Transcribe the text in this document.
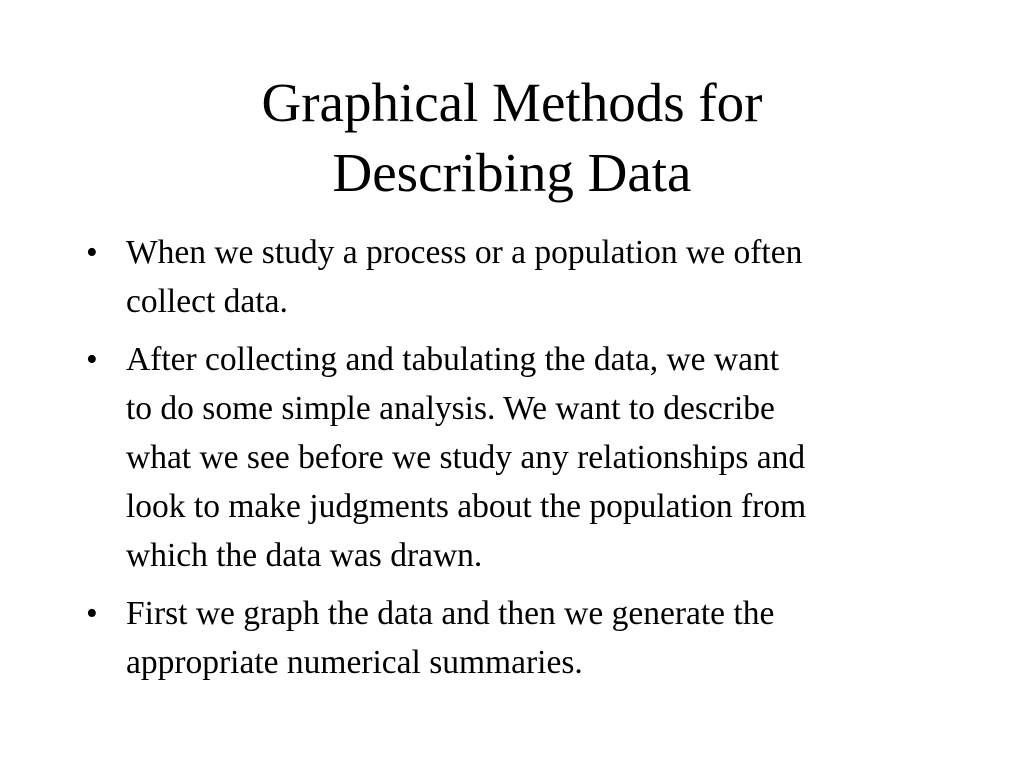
Graphical Methods for
Describing Data
• When we study a process or a population we often
collect data.
• After collecting and tabulating the data, we want
to do some simple analysis. We want to describe
what we see before we study any relationships and
look to make judgments about the population from
which the data was drawn.
• First we graph the data and then we generate the
appropriate numerical summaries.
